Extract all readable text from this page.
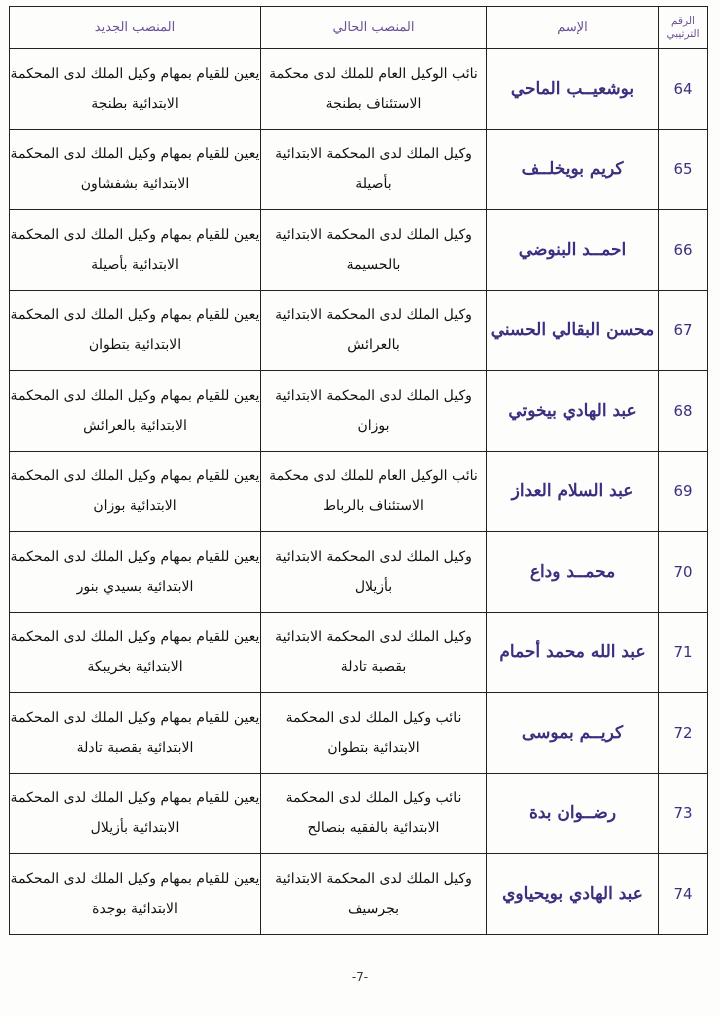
الرقم الترتيبي	الإسم	المنصب الحالي	المنصب الجديد
64	بوشعيــب الماحي	نائب الوكيل العام للملك لدى محكمة الاستئناف بطنجة	يعين للقيام بمهام وكيل الملك لدى المحكمة الابتدائية بطنجة
65	كريم بويخلــف	وكيل الملك لدى المحكمة الابتدائية بأصيلة	يعين للقيام بمهام وكيل الملك لدى المحكمة الابتدائية بشفشاون
66	احمــد البنوضي	وكيل الملك لدى المحكمة الابتدائية بالحسيمة	يعين للقيام بمهام وكيل الملك لدى المحكمة الابتدائية بأصيلة
67	محسن البقالي الحسني	وكيل الملك لدى المحكمة الابتدائية بالعرائش	يعين للقيام بمهام وكيل الملك لدى المحكمة الابتدائية بتطوان
68	عبد الهادي بيخوتي	وكيل الملك لدى المحكمة الابتدائية بوزان	يعين للقيام بمهام وكيل الملك لدى المحكمة الابتدائية بالعرائش
69	عبد السلام العداز	نائب الوكيل العام للملك لدى محكمة الاستئناف بالرباط	يعين للقيام بمهام وكيل الملك لدى المحكمة الابتدائية بوزان
70	محمــد وداع	وكيل الملك لدى المحكمة الابتدائية بأزيلال	يعين للقيام بمهام وكيل الملك لدى المحكمة الابتدائية بسيدي بنور
71	عبد الله محمد أحمام	وكيل الملك لدى المحكمة الابتدائية بقصبة تادلة	يعين للقيام بمهام وكيل الملك لدى المحكمة الابتدائية بخريبكة
72	كريــم بموسى	نائب وكيل الملك لدى المحكمة الابتدائية بتطوان	يعين للقيام بمهام وكيل الملك لدى المحكمة الابتدائية بقصبة تادلة
73	رضــوان بدة	نائب وكيل الملك لدى المحكمة الابتدائية بالفقيه بنصالح	يعين للقيام بمهام وكيل الملك لدى المحكمة الابتدائية بأزيلال
74	عبد الهادي بويحياوي	وكيل الملك لدى المحكمة الابتدائية بجرسيف	يعين للقيام بمهام وكيل الملك لدى المحكمة الابتدائية بوجدة
-7-
